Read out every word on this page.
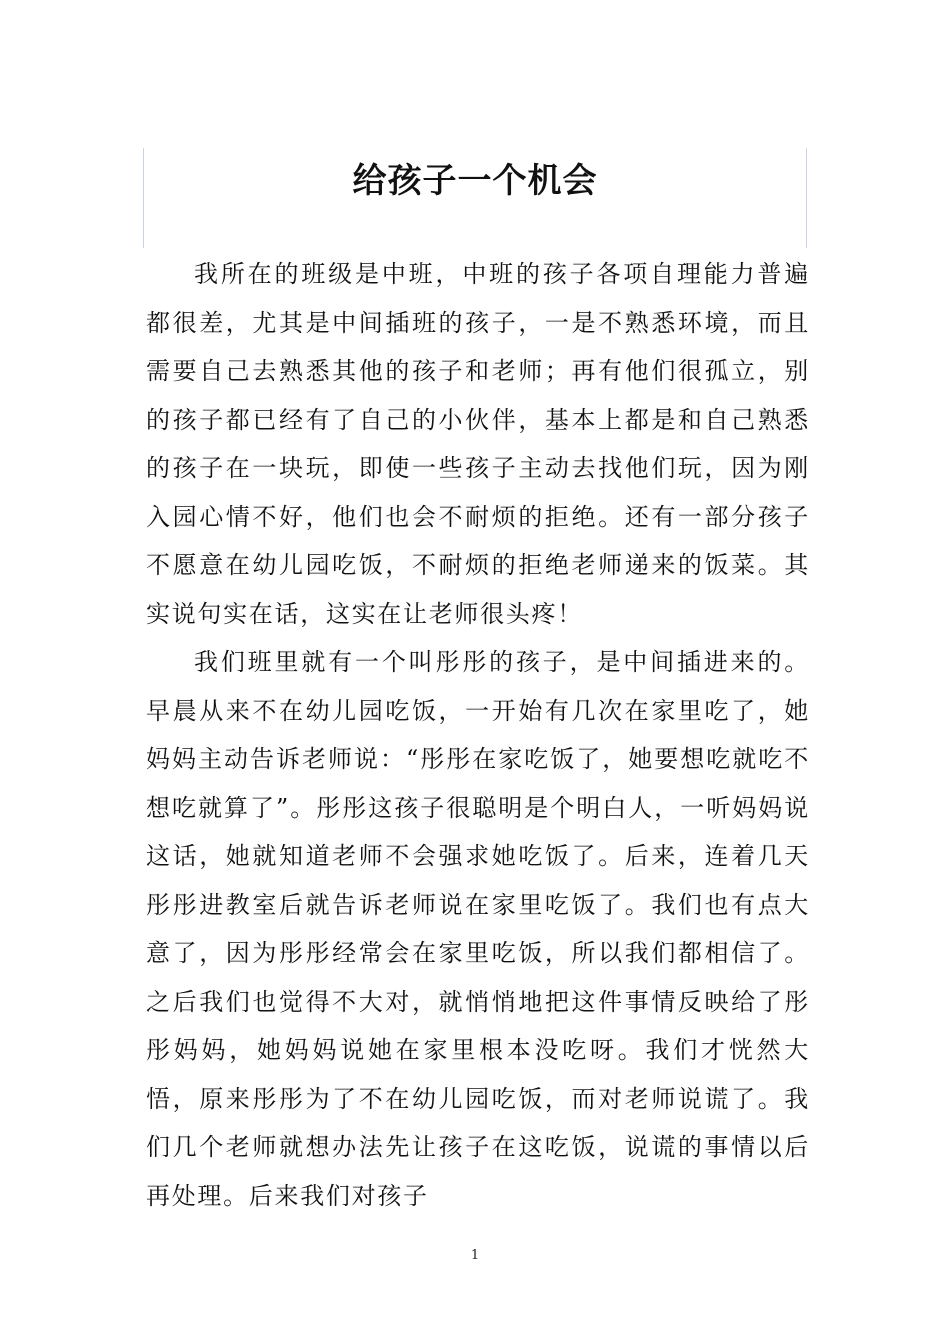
给孩子一个机会

我所在的班级是中班，中班的孩子各项自理能力普遍都很差，尤其是中间插班的孩子，一是不熟悉环境，而且需要自己去熟悉其他的孩子和老师；再有他们很孤立，别的孩子都已经有了自己的小伙伴，基本上都是和自己熟悉的孩子在一块玩，即使一些孩子主动去找他们玩，因为刚入园心情不好，他们也会不耐烦的拒绝。还有一部分孩子不愿意在幼儿园吃饭，不耐烦的拒绝老师递来的饭菜。其实说句实在话，这实在让老师很头疼！

我们班里就有一个叫彤彤的孩子，是中间插进来的。早晨从来不在幼儿园吃饭，一开始有几次在家里吃了，她妈妈主动告诉老师说：“彤彤在家吃饭了，她要想吃就吃不想吃就算了”。彤彤这孩子很聪明是个明白人，一听妈妈说这话，她就知道老师不会强求她吃饭了。后来，连着几天彤彤进教室后就告诉老师说在家里吃饭了。我们也有点大意了，因为彤彤经常会在家里吃饭，所以我们都相信了。之后我们也觉得不大对，就悄悄地把这件事情反映给了彤彤妈妈，她妈妈说她在家里根本没吃呀。我们才恍然大悟，原来彤彤为了不在幼儿园吃饭，而对老师说谎了。我们几个老师就想办法先让孩子在这吃饭，说谎的事情以后再处理。后来我们对孩子

1
